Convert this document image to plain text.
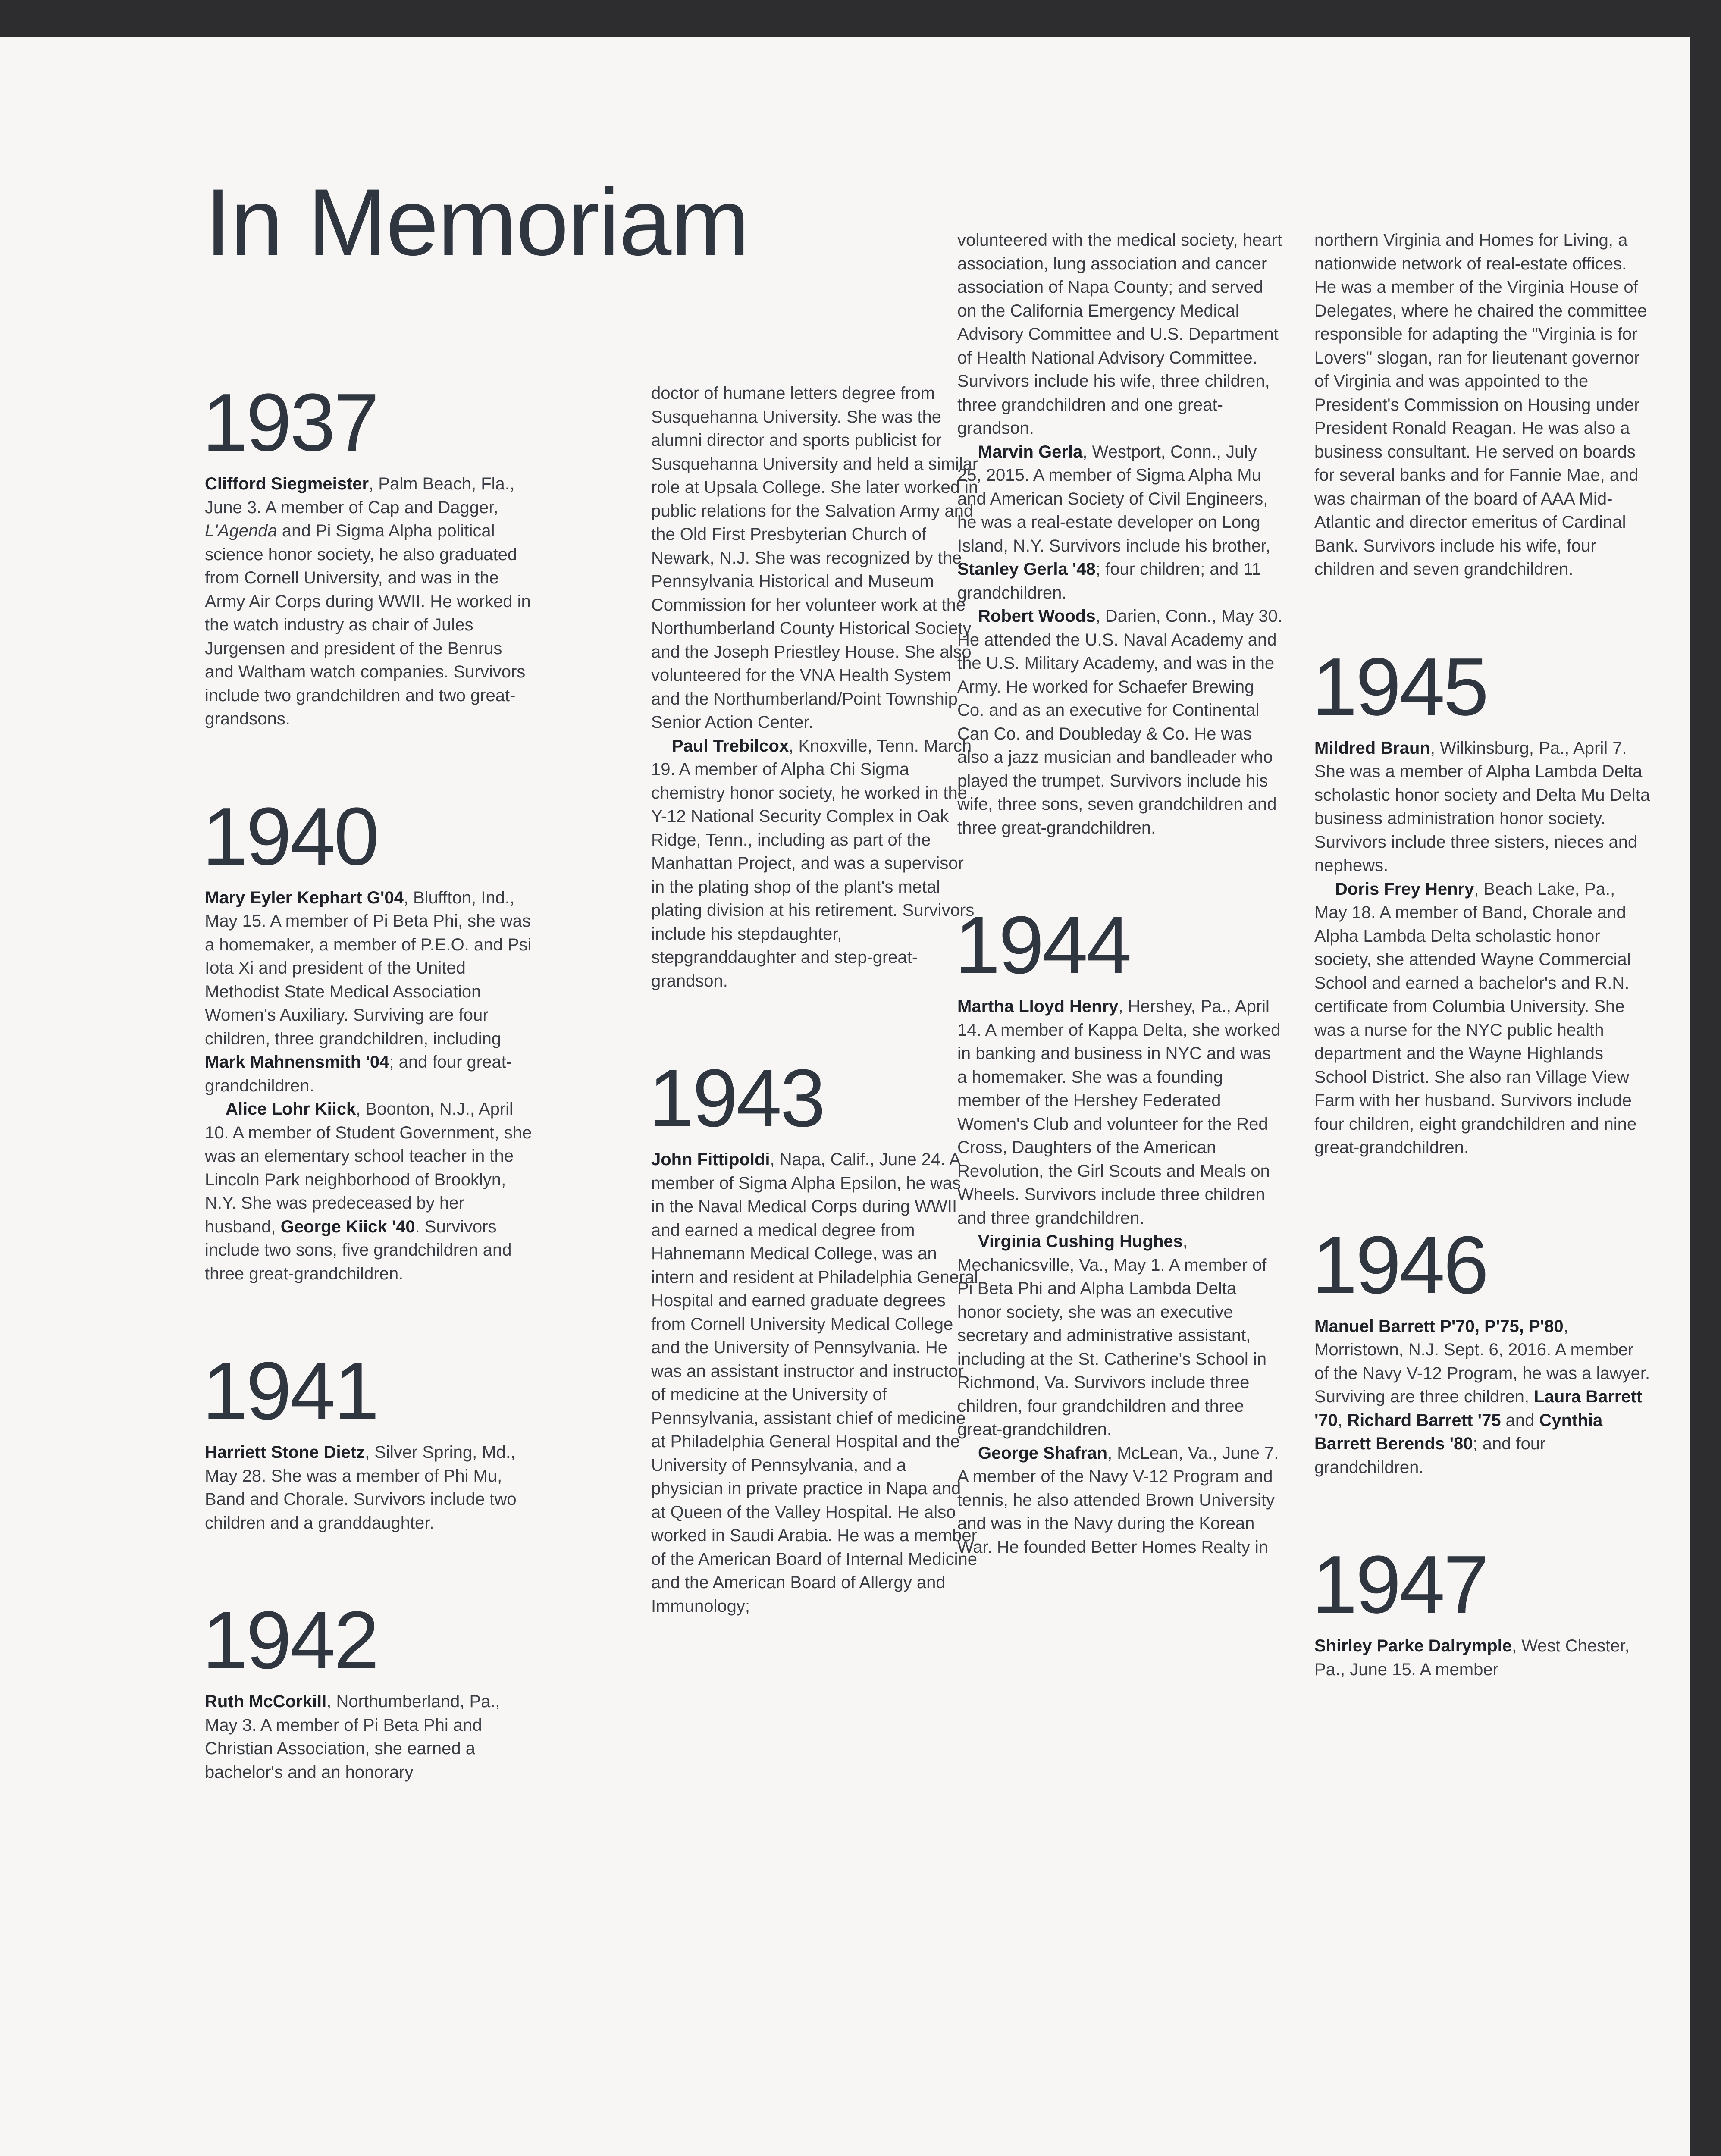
In Memoriam
1937

Clifford Siegmeister, Palm Beach, Fla., June 3. A member of Cap and Dagger, L'Agenda and Pi Sigma Alpha political science honor society, he also graduated from Cornell University, and was in the Army Air Corps during WWII. He worked in the watch industry as chair of Jules Jurgensen and president of the Benrus and Waltham watch companies. Survivors include two grandchildren and two great-grandsons.

1940

Mary Eyler Kephart G'04, Bluffton, Ind., May 15. A member of Pi Beta Phi, she was a homemaker, a member of P.E.O. and Psi Iota Xi and president of the United Methodist State Medical Association Women's Auxiliary. Surviving are four children, three grandchildren, including Mark Mahnensmith '04; and four great-grandchildren.

Alice Lohr Kiick, Boonton, N.J., April 10. A member of Student Government, she was an elementary school teacher in the Lincoln Park neighborhood of Brooklyn, N.Y. She was predeceased by her husband, George Kiick '40. Survivors include two sons, five grandchildren and three great-grandchildren.

1941

Harriett Stone Dietz, Silver Spring, Md., May 28. She was a member of Phi Mu, Band and Chorale. Survivors include two children and a granddaughter.

1942

Ruth McCorkill, Northumberland, Pa., May 3. A member of Pi Beta Phi and Christian Association, she earned a bachelor's and an honorary

doctor of humane letters degree from Susquehanna University. She was the alumni director and sports publicist for Susquehanna University and held a similar role at Upsala College. She later worked in public relations for the Salvation Army and the Old First Presbyterian Church of Newark, N.J. She was recognized by the Pennsylvania Historical and Museum Commission for her volunteer work at the Northumberland County Historical Society and the Joseph Priestley House. She also volunteered for the VNA Health System and the Northumberland/Point Township Senior Action Center.

Paul Trebilcox, Knoxville, Tenn. March 19. A member of Alpha Chi Sigma chemistry honor society, he worked in the Y-12 National Security Complex in Oak Ridge, Tenn., including as part of the Manhattan Project, and was a supervisor in the plating shop of the plant's metal plating division at his retirement. Survivors include his stepdaughter, stepgranddaughter and step-great-grandson.

1943

John Fittipoldi, Napa, Calif., June 24. A member of Sigma Alpha Epsilon, he was in the Naval Medical Corps during WWII and earned a medical degree from Hahnemann Medical College, was an intern and resident at Philadelphia General Hospital and earned graduate degrees from Cornell University Medical College and the University of Pennsylvania. He was an assistant instructor and instructor of medicine at the University of Pennsylvania, assistant chief of medicine at Philadelphia General Hospital and the University of Pennsylvania, and a physician in private practice in Napa and at Queen of the Valley Hospital. He also worked in Saudi Arabia. He was a member of the American Board of Internal Medicine and the American Board of Allergy and Immunology;

volunteered with the medical society, heart association, lung association and cancer association of Napa County; and served on the California Emergency Medical Advisory Committee and U.S. Department of Health National Advisory Committee. Survivors include his wife, three children, three grandchildren and one great-grandson.

Marvin Gerla, Westport, Conn., July 25, 2015. A member of Sigma Alpha Mu and American Society of Civil Engineers, he was a real-estate developer on Long Island, N.Y. Survivors include his brother, Stanley Gerla '48; four children; and 11 grandchildren.

Robert Woods, Darien, Conn., May 30. He attended the U.S. Naval Academy and the U.S. Military Academy, and was in the Army. He worked for Schaefer Brewing Co. and as an executive for Continental Can Co. and Doubleday & Co. He was also a jazz musician and bandleader who played the trumpet. Survivors include his wife, three sons, seven grandchildren and three great-grandchildren.

1944

Martha Lloyd Henry, Hershey, Pa., April 14. A member of Kappa Delta, she worked in banking and business in NYC and was a homemaker. She was a founding member of the Hershey Federated Women's Club and volunteer for the Red Cross, Daughters of the American Revolution, the Girl Scouts and Meals on Wheels. Survivors include three children and three grandchildren.

Virginia Cushing Hughes, Mechanicsville, Va., May 1. A member of Pi Beta Phi and Alpha Lambda Delta honor society, she was an executive secretary and administrative assistant, including at the St. Catherine's School in Richmond, Va. Survivors include three children, four grandchildren and three great-grandchildren.

George Shafran, McLean, Va., June 7. A member of the Navy V-12 Program and tennis, he also attended Brown University and was in the Navy during the Korean War. He founded Better Homes Realty in

northern Virginia and Homes for Living, a nationwide network of real-estate offices. He was a member of the Virginia House of Delegates, where he chaired the committee responsible for adapting the "Virginia is for Lovers" slogan, ran for lieutenant governor of Virginia and was appointed to the President's Commission on Housing under President Ronald Reagan. He was also a business consultant. He served on boards for several banks and for Fannie Mae, and was chairman of the board of AAA Mid-Atlantic and director emeritus of Cardinal Bank. Survivors include his wife, four children and seven grandchildren.

1945

Mildred Braun, Wilkinsburg, Pa., April 7. She was a member of Alpha Lambda Delta scholastic honor society and Delta Mu Delta business administration honor society. Survivors include three sisters, nieces and nephews.

Doris Frey Henry, Beach Lake, Pa., May 18. A member of Band, Chorale and Alpha Lambda Delta scholastic honor society, she attended Wayne Commercial School and earned a bachelor's and R.N. certificate from Columbia University. She was a nurse for the NYC public health department and the Wayne Highlands School District. She also ran Village View Farm with her husband. Survivors include four children, eight grandchildren and nine great-grandchildren.

1946

Manuel Barrett P'70, P'75, P'80, Morristown, N.J. Sept. 6, 2016. A member of the Navy V-12 Program, he was a lawyer. Surviving are three children, Laura Barrett '70, Richard Barrett '75 and Cynthia Barrett Berends '80; and four grandchildren.

1947

Shirley Parke Dalrymple, West Chester, Pa., June 15. A member
